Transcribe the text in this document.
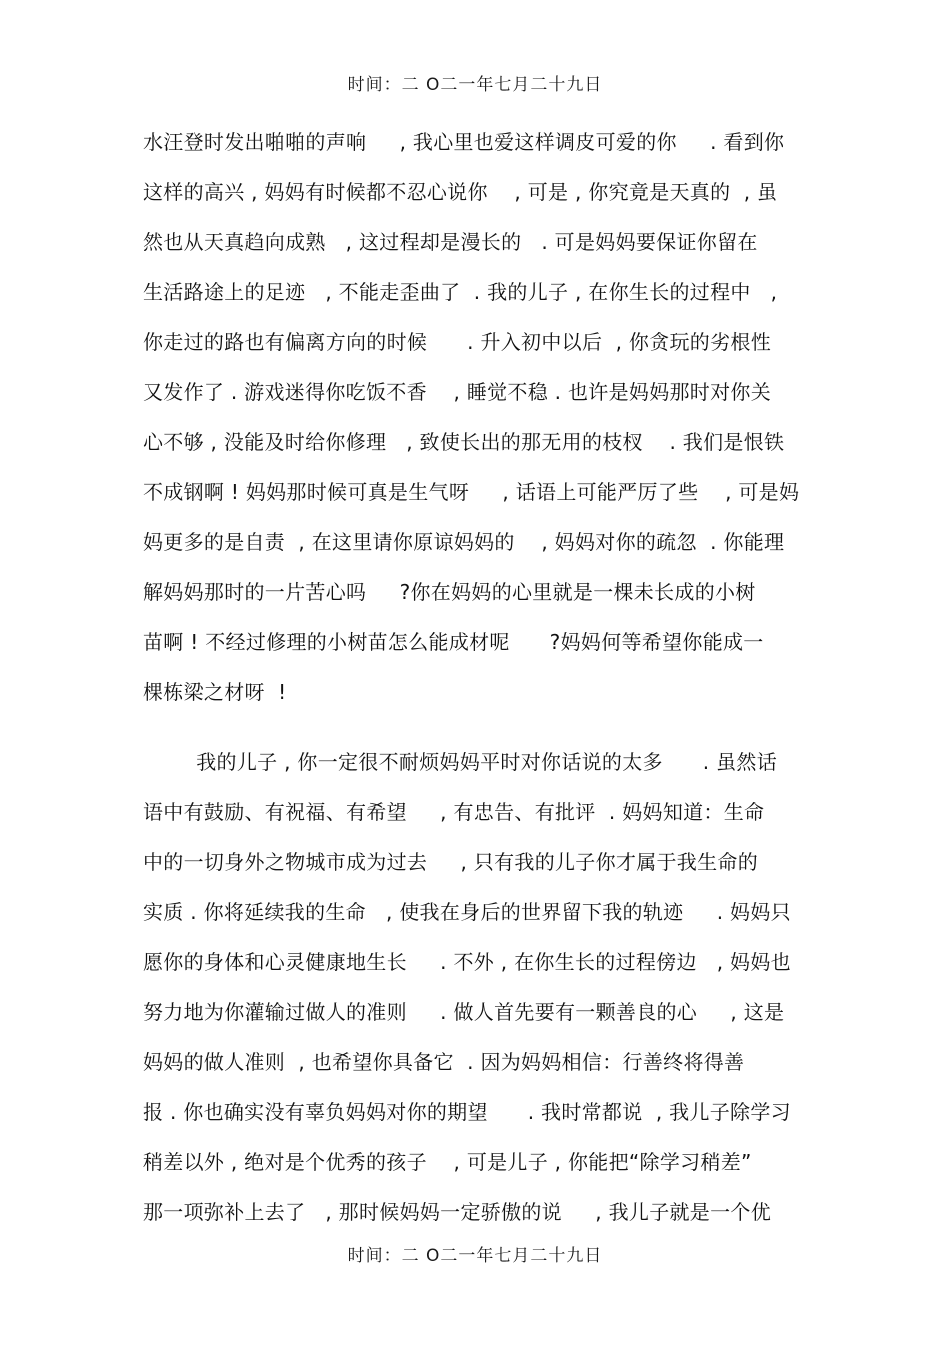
时间：二 O二一年七月二十九日
水汪登时发出啪啪的声响     , 我心里也爱这样调皮可爱的你     . 看到你
这样的高兴 , 妈妈有时候都不忍心说你    , 可是 , 你究竟是天真的  , 虽
然也从天真趋向成熟   , 这过程却是漫长的   . 可是妈妈要保证你留在
生活路途上的足迹   , 不能走歪曲了  . 我的儿子 , 在你生长的过程中   ,
你走过的路也有偏离方向的时候      . 升入初中以后  , 你贪玩的劣根性
又发作了 . 游戏迷得你吃饭不香    , 睡觉不稳 . 也许是妈妈那时对你关
心不够 , 没能及时给你修理   , 致使长出的那无用的枝杈    . 我们是恨铁
不成钢啊 ! 妈妈那时候可真是生气呀     , 话语上可能严厉了些    , 可是妈
妈更多的是自责  , 在这里请你原谅妈妈的    , 妈妈对你的疏忽  . 你能理
解妈妈那时的一片苦心吗     ?你在妈妈的心里就是一棵未长成的小树
苗啊 ! 不经过修理的小树苗怎么能成材呢      ?妈妈何等希望你能成一
棵栋梁之材呀  !
我的儿子 , 你一定很不耐烦妈妈平时对你话说的太多      . 虽然话
语中有鼓励、有祝福、有希望     , 有忠告、有批评  . 妈妈知道：生命
中的一切身外之物城市成为过去     , 只有我的儿子你才属于我生命的
实质 . 你将延续我的生命   , 使我在身后的世界留下我的轨迹     . 妈妈只
愿你的身体和心灵健康地生长     . 不外 , 在你生长的过程傍边   , 妈妈也
努力地为你灌输过做人的准则     . 做人首先要有一颗善良的心     , 这是
妈妈的做人准则  , 也希望你具备它  . 因为妈妈相信：行善终将得善
报 . 你也确实没有辜负妈妈对你的期望      . 我时常都说  , 我儿子除学习
稍差以外 , 绝对是个优秀的孩子    , 可是儿子 , 你能把“除学习稍差”
那一项弥补上去了   , 那时候妈妈一定骄傲的说     , 我儿子就是一个优
时间：二 O二一年七月二十九日
